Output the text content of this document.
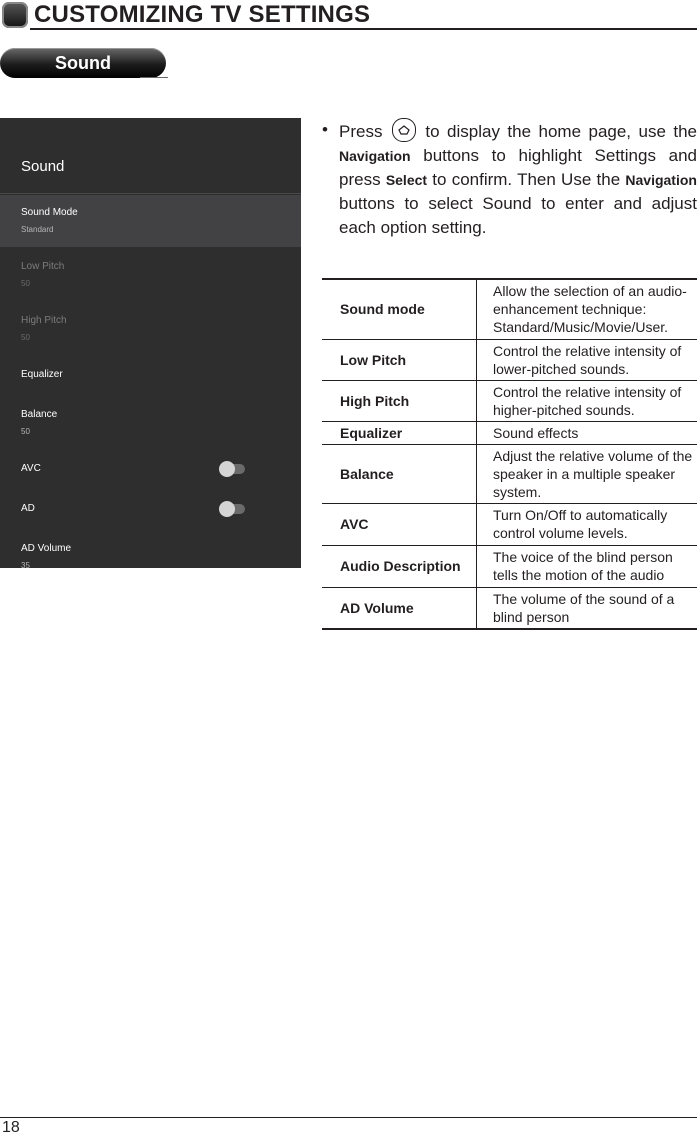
CUSTOMIZING TV SETTINGS
Sound
Sound
Sound Mode
Standard
Low Pitch
50
High Pitch
50
Equalizer
Balance
50
AVC
AD
AD Volume
35
• Press	to display the home page, use the Navigation buttons to highlight Settings and press Select to confirm. Then Use the Navigation buttons to select Sound to enter and adjust each option setting.
Sound mode	Allow the selection of an audio-enhancement technique: Standard/Music/Movie/User.
Low Pitch	Control the relative intensity of lower-pitched sounds.
High Pitch	Control the relative intensity of higher-pitched sounds.
Equalizer	Sound effects
Balance	Adjust the relative volume of the speaker in a multiple speaker system.
AVC	Turn On/Off to automatically control volume levels.
Audio Description	The voice of the blind person tells the motion of the audio
AD Volume	The volume of the sound of a blind person
18
